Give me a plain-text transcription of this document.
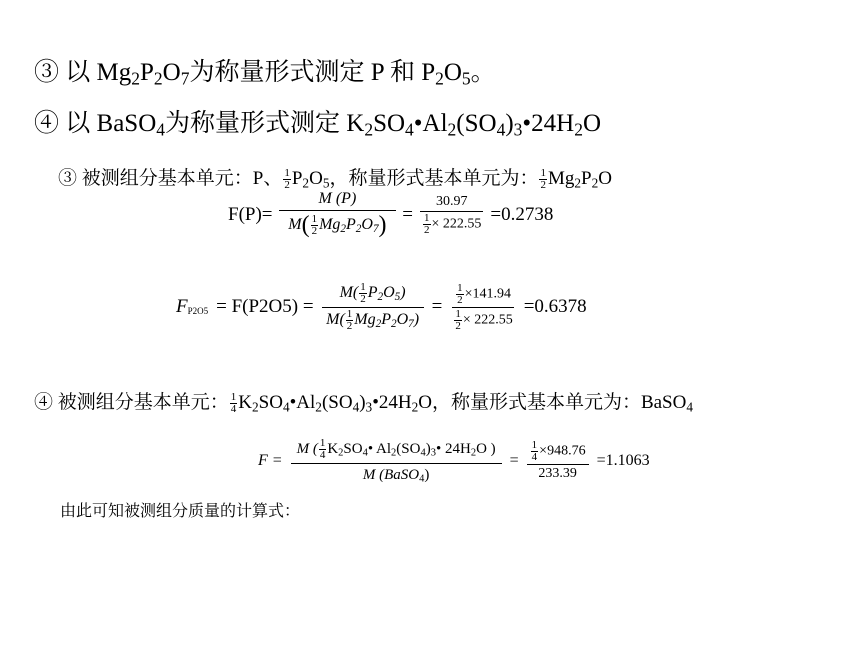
③ 以 $Mg_2P_2O_7$为称量形式测定 P 和 $P_2O_5$。
④ 以 BaSO$_4$为称量形式测定 $K_2SO_4•Al_2(SO_4)_3•24H_2O$
③ 被测组分基本单元：P、 $\frac{1}{2} P_2O_5$，称量形式基本单元为： $\frac{1}{2} Mg_2P_2O$
$F(P)= \frac{M (P)}{M( \frac{1}{2} Mg_2P_2O_7)} = \frac{30.97}{\frac{1}{2} \times 222.55} =0.2738$
$FP2O5 = F(P2O5) = \frac{M( \frac{1}{2} P_2O_5)}{M( \frac{1}{2} Mg_2P_2O_7)} = \frac{\frac{1}{2} \times 141.94}{\frac{1}{2} \times 222.55} =0.6378$
④ 被测组分基本单元： $\frac{1}{4}$ $K_2SO_4•Al_2(SO_4)_3•24H_2O$，称量形式基本单元为：BaSO$_4$
$F = \frac{M ( \frac{1}{4} K_2SO_4• Al_2(SO_4)_3• 24H_2O )}{M (BaSO_4)} = \frac{\frac{1}{4} \times 948.76}{233.39} =1.1063$
由此可知被测组分质量的计算式：
